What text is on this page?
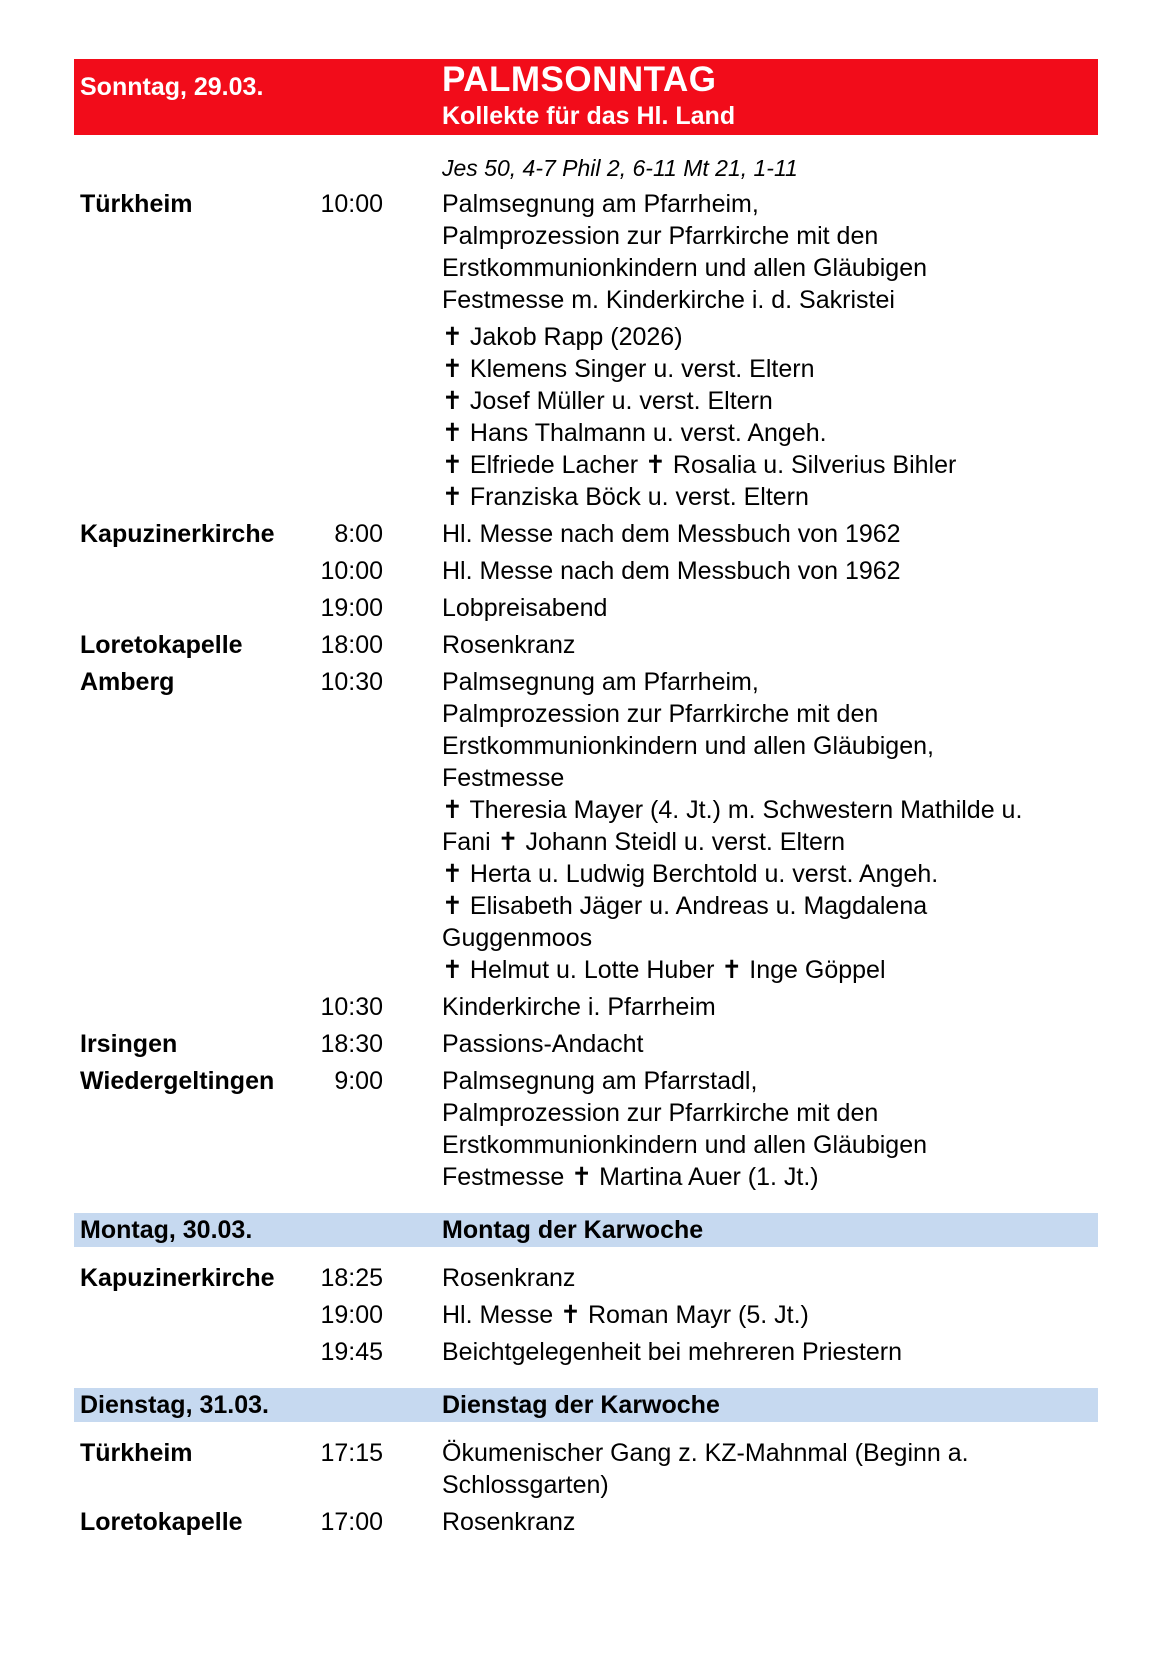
Sonntag, 29.03.	PALMSONNTAG
Kollekte für das Hl. Land
Jes 50, 4-7 Phil 2, 6-11 Mt 21, 1-11
Türkheim	10:00 Palmsegnung am Pfarrheim,
Palmprozession zur Pfarrkirche mit den
Erstkommunionkindern und allen Gläubigen
Festmesse m. Kinderkirche i. d. Sakristei
✝ Jakob Rapp (2026)
✝ Klemens Singer u. verst. Eltern
✝ Josef Müller u. verst. Eltern
✝ Hans Thalmann u. verst. Angeh.
✝ Elfriede Lacher ✝ Rosalia u. Silverius Bihler
✝ Franziska Böck u. verst. Eltern
Kapuzinerkirche	8:00 Hl. Messe nach dem Messbuch von 1962
10:00 Hl. Messe nach dem Messbuch von 1962
19:00 Lobpreisabend
Loretokapelle	18:00 Rosenkranz
Amberg	10:30 Palmsegnung am Pfarrheim,
Palmprozession zur Pfarrkirche mit den
Erstkommunionkindern und allen Gläubigen,
Festmesse
✝ Theresia Mayer (4. Jt.) m. Schwestern Mathilde u.
Fani ✝ Johann Steidl u. verst. Eltern
✝ Herta u. Ludwig Berchtold u. verst. Angeh.
✝ Elisabeth Jäger u. Andreas u. Magdalena
Guggenmoos
✝ Helmut u. Lotte Huber ✝ Inge Göppel
10:30 Kinderkirche i. Pfarrheim
Irsingen	18:30 Passions-Andacht
Wiedergeltingen	9:00 Palmsegnung am Pfarrstadl,
Palmprozession zur Pfarrkirche mit den
Erstkommunionkindern und allen Gläubigen
Festmesse ✝ Martina Auer (1. Jt.)
Montag, 30.03.	Montag der Karwoche
Kapuzinerkirche	18:25 Rosenkranz
19:00 Hl. Messe ✝ Roman Mayr (5. Jt.)
19:45 Beichtgelegenheit bei mehreren Priestern
Dienstag, 31.03.	Dienstag der Karwoche
Türkheim	17:15 Ökumenischer Gang z. KZ-Mahnmal (Beginn a.
Schlossgarten)
Loretokapelle	17:00 Rosenkranz
